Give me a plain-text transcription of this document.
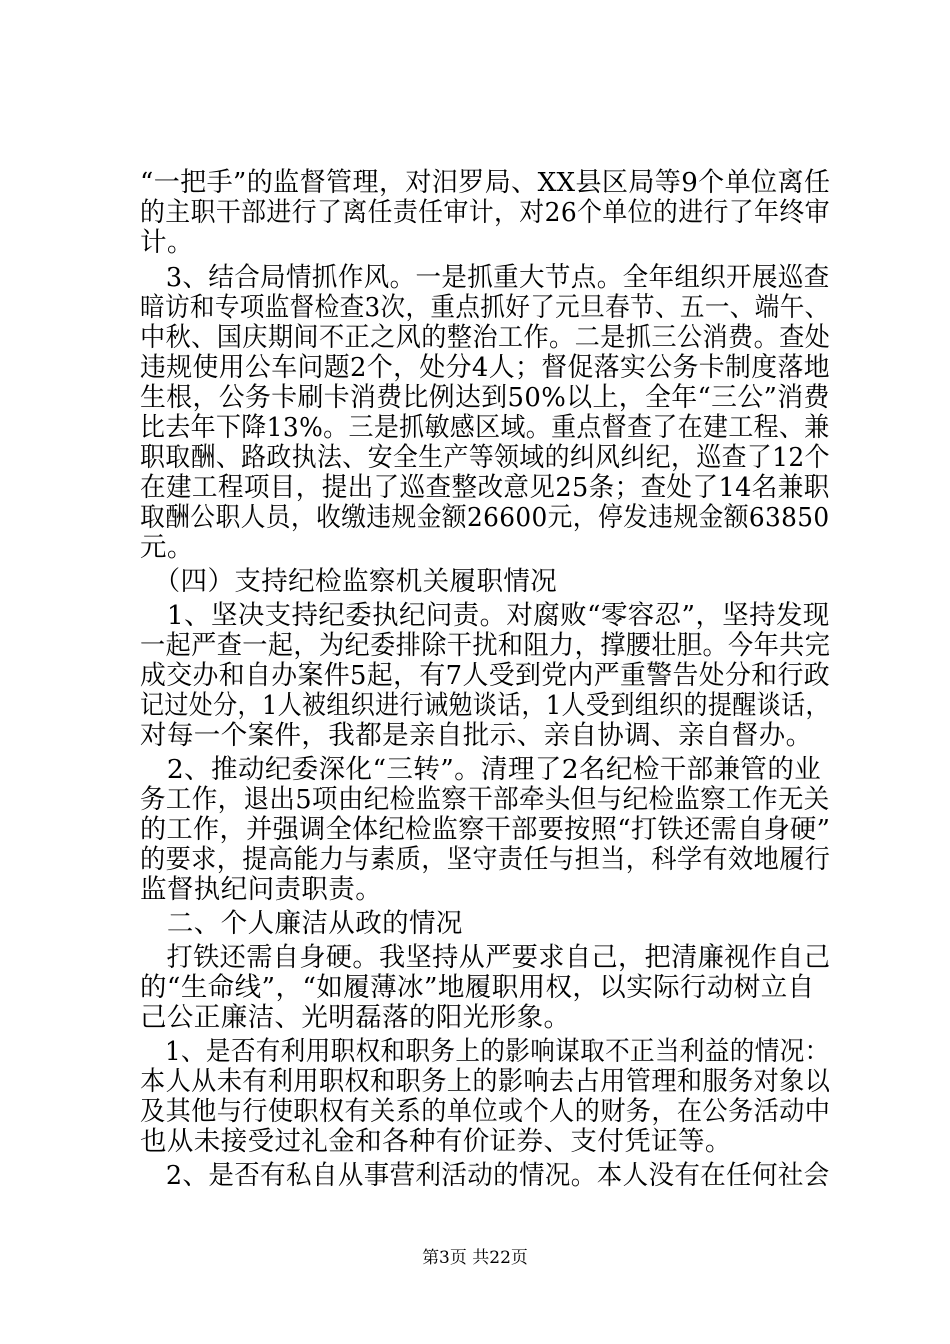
“一把手”的监督管理，对汨罗局、XX县区局等9个单位离任
的主职干部进行了离任责任审计，对26个单位的进行了年终审
计。
　3、结合局情抓作风。一是抓重大节点。全年组织开展巡查
暗访和专项监督检查3次，重点抓好了元旦春节、五一、端午、
中秋、国庆期间不正之风的整治工作。二是抓三公消费。查处
违规使用公车问题2个，处分4人；督促落实公务卡制度落地
生根，公务卡刷卡消费比例达到50%以上，全年“三公”消费
比去年下降13%。三是抓敏感区域。重点督查了在建工程、兼
职取酬、路政执法、安全生产等领域的纠风纠纪，巡查了12个
在建工程项目，提出了巡查整改意见25条；查处了14名兼职
取酬公职人员，收缴违规金额26600元，停发违规金额63850
元。
　（四）支持纪检监察机关履职情况
　1、坚决支持纪委执纪问责。对腐败“零容忍”，坚持发现
一起严查一起，为纪委排除干扰和阻力，撑腰壮胆。今年共完
成交办和自办案件5起，有7人受到党内严重警告处分和行政
记过处分，1人被组织进行诫勉谈话，1人受到组织的提醒谈话，
对每一个案件，我都是亲自批示、亲自协调、亲自督办。
　2、推动纪委深化“三转”。清理了2名纪检干部兼管的业
务工作，退出5项由纪检监察干部牵头但与纪检监察工作无关
的工作，并强调全体纪检监察干部要按照“打铁还需自身硬”
的要求，提高能力与素质，坚守责任与担当，科学有效地履行
监督执纪问责职责。
　二、个人廉洁从政的情况
　打铁还需自身硬。我坚持从严要求自己，把清廉视作自己
的“生命线”，“如履薄冰”地履职用权，以实际行动树立自
己公正廉洁、光明磊落的阳光形象。
　1、是否有利用职权和职务上的影响谋取不正当利益的情况：
本人从未有利用职权和职务上的影响去占用管理和服务对象以
及其他与行使职权有关系的单位或个人的财务，在公务活动中
也从未接受过礼金和各种有价证券、支付凭证等。
　2、是否有私自从事营利活动的情况。本人没有在任何社会
第3页 共22页
